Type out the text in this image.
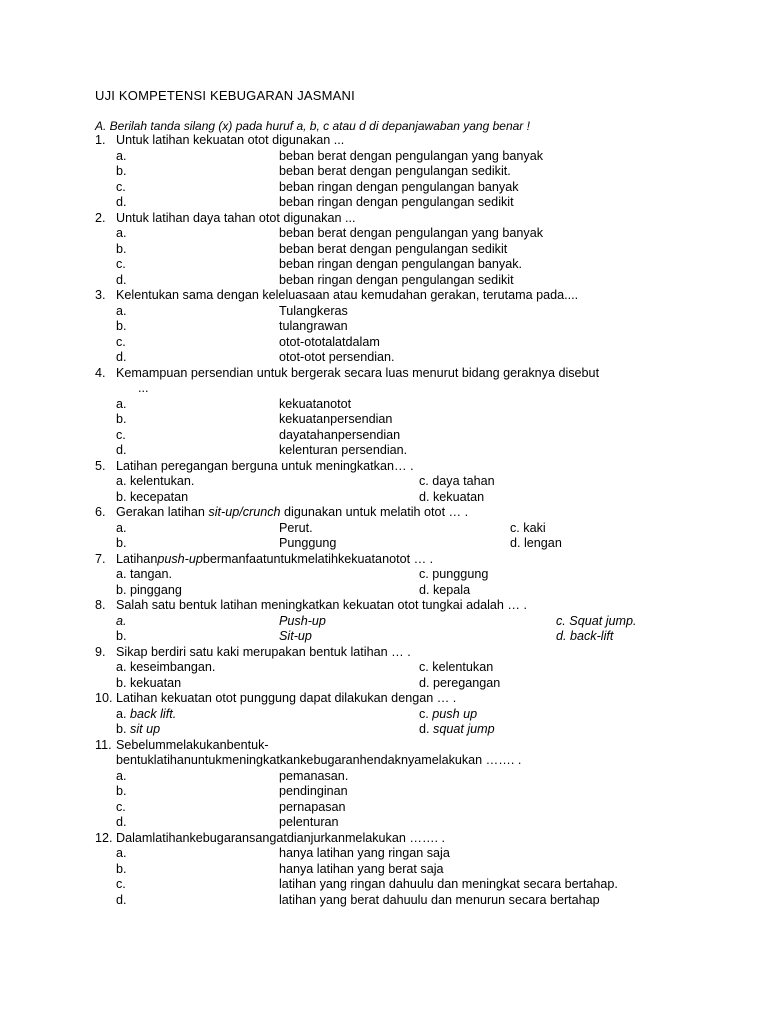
UJI KOMPETENSI KEBUGARAN JASMANI
A. Berilah tanda silang (x) pada huruf a, b, c atau d di depanjawaban yang benar !
1. Untuk latihan kekuatan otot digunakan ...
a.	beban berat dengan pengulangan yang banyak
b.	beban berat dengan pengulangan sedikit.
c.	beban ringan dengan pengulangan banyak
d.	beban ringan dengan pengulangan sedikit
2. Untuk latihan daya tahan otot digunakan ...
a.	beban berat dengan pengulangan yang banyak
b.	beban berat dengan pengulangan sedikit
c.	beban ringan dengan pengulangan banyak.
d.	beban ringan dengan pengulangan sedikit
3. Kelentukan sama dengan keleluasaan atau kemudahan gerakan, terutama pada....
a.	Tulangkeras
b.	tulangrawan
c.	otot-ototalatdalam
d.	otot-otot persendian.
4. Kemampuan persendian untuk bergerak secara luas menurut bidang geraknya disebut
...
a.	kekuatanotot
b.	kekuatanpersendian
c.	dayatahanpersendian
d.	kelenturan persendian.
5. Latihan peregangan berguna untuk meningkatkan… .
a. kelentukan.	c. daya tahan
b. kecepatan	d. kekuatan
6. Gerakan latihan sit-up/crunch digunakan untuk melatih otot … .
a.	Perut.	c. kaki
b.	Punggung	d. lengan
7. Latihanpush-upbermanfaatuntukmelatihkekuatanotot … .
a. tangan.	c. punggung
b. pinggang	d. kepala
8. Salah satu bentuk latihan meningkatkan kekuatan otot tungkai adalah … .
a.	Push-up	c. Squat jump.
b.	Sit-up	d. back-lift
9. Sikap berdiri satu kaki merupakan bentuk latihan … .
a. keseimbangan.	c. kelentukan
b. kekuatan	d. peregangan
10. Latihan kekuatan otot punggung dapat dilakukan dengan … .
a. back lift.	c. push up
b. sit up	d. squat jump
11. Sebelummelakukanbentuk-
bentuklatihanuntukmeningkatkankebugaranhendaknyamelakukan ……. .
a.	pemanasan.
b.	pendinginan
c.	pernapasan
d.	pelenturan
12. Dalamlatihankebugaransangatdianjurkanmelakukan ……. .
a.	hanya latihan yang ringan saja
b.	hanya latihan yang berat saja
c.	latihan yang ringan dahuulu dan meningkat secara bertahap.
d.	latihan yang berat dahuulu dan menurun secara bertahap
